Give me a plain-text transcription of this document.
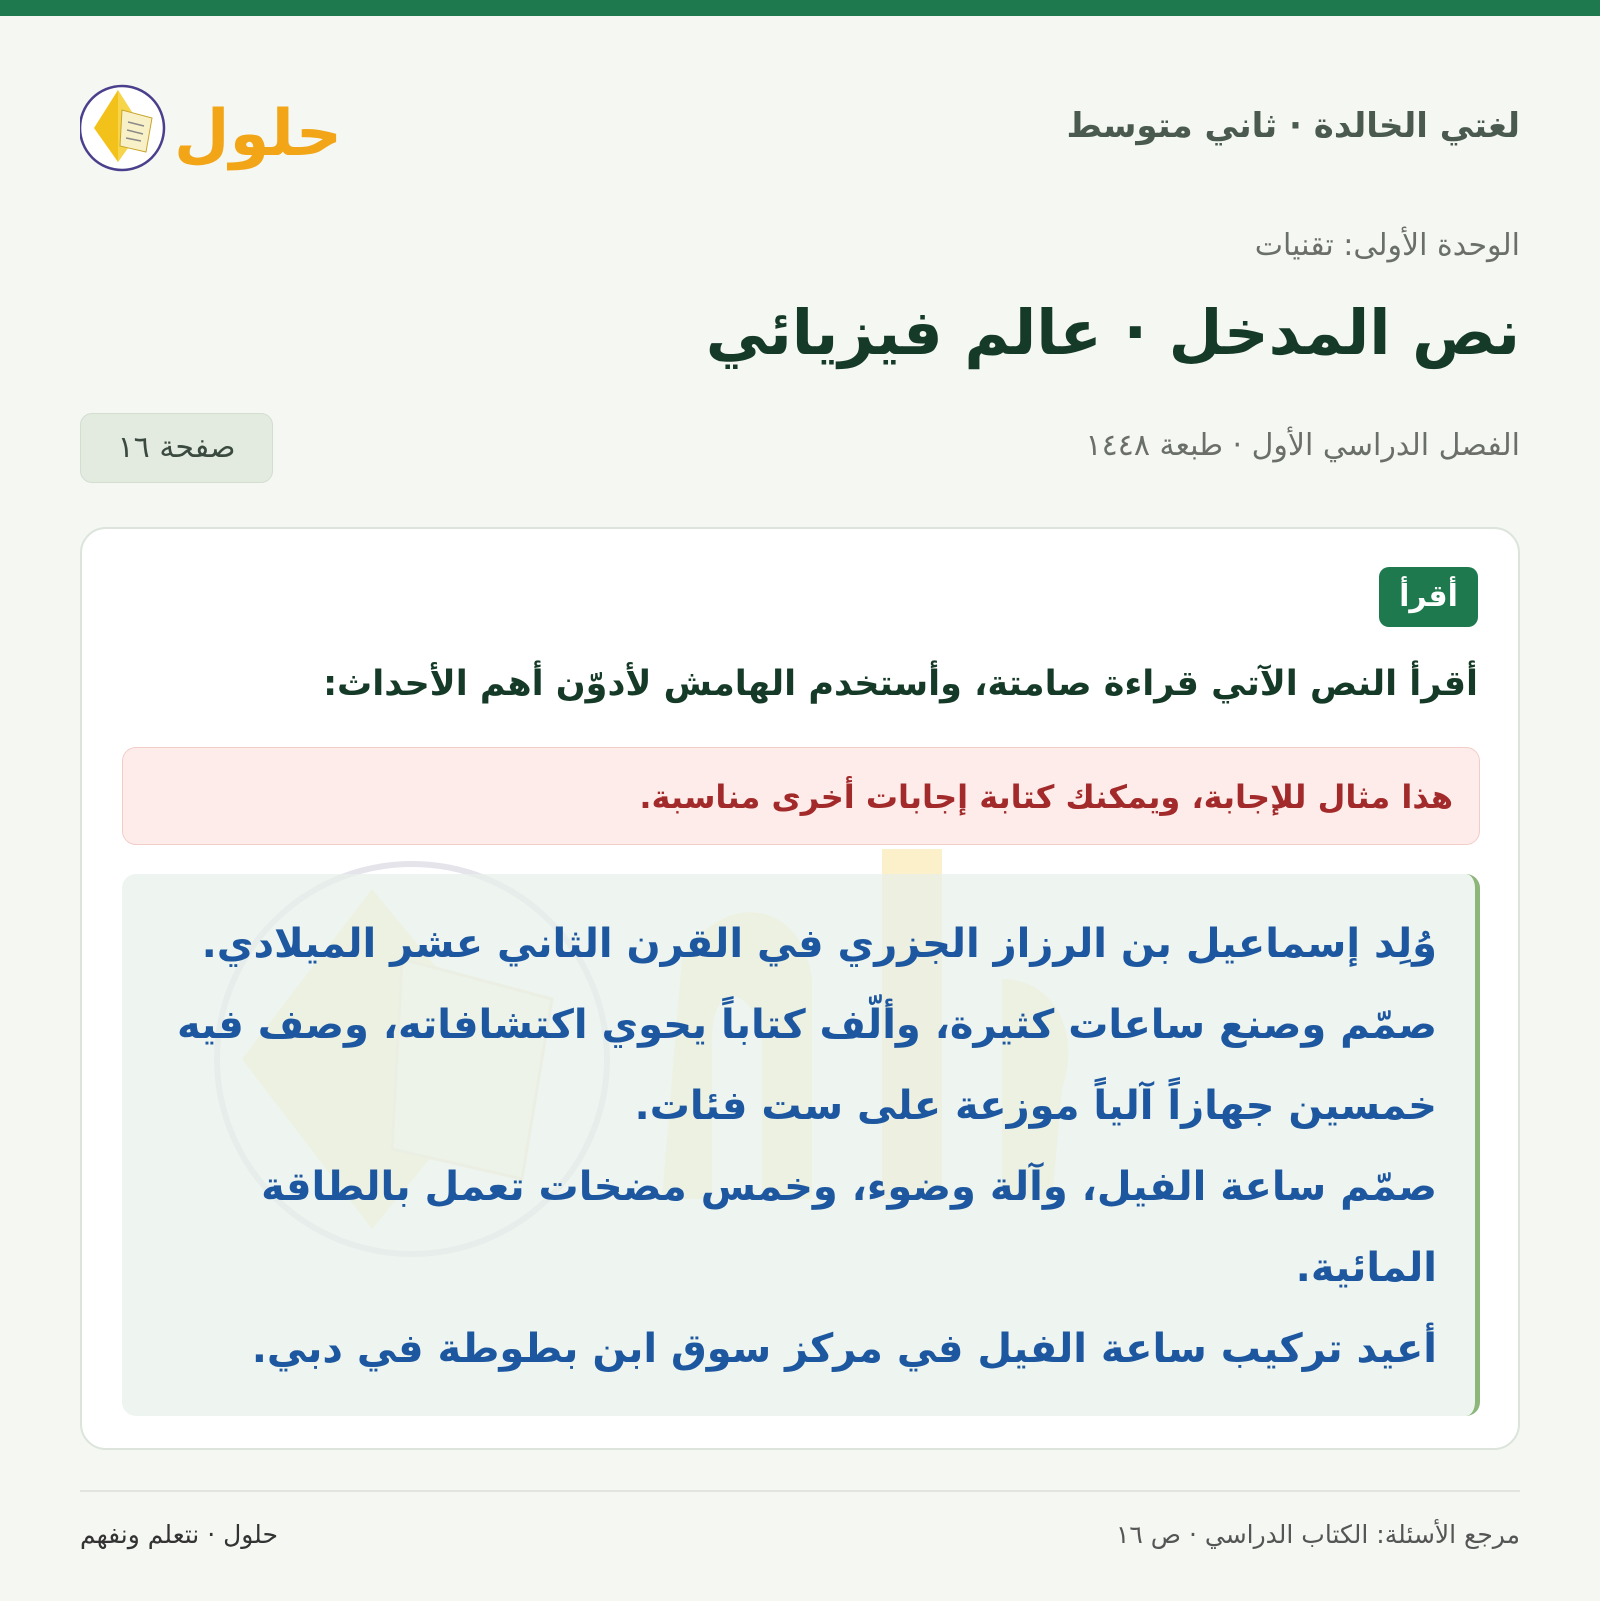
لغتي الخالدة · ثاني متوسط
حلول
الوحدة الأولى: تقنيات
نص المدخل · عالم فيزيائي
الفصل الدراسي الأول · طبعة ١٤٤٨
صفحة ١٦
أقرأ
أقرأ النص الآتي قراءة صامتة، وأستخدم الهامش لأدوّن أهم الأحداث:
هذا مثال للإجابة، ويمكنك كتابة إجابات أخرى مناسبة.
وُلِد إسماعيل بن الرزاز الجزري في القرن الثاني عشر الميلادي.
صمّم وصنع ساعات كثيرة، وألّف كتاباً يحوي اكتشافاته، وصف فيه
خمسين جهازاً آلياً موزعة على ست فئات.
صمّم ساعة الفيل، وآلة وضوء، وخمس مضخات تعمل بالطاقة
المائية.
أعيد تركيب ساعة الفيل في مركز سوق ابن بطوطة في دبي.
مرجع الأسئلة: الكتاب الدراسي · ص ١٦
حلول · نتعلم ونفهم
